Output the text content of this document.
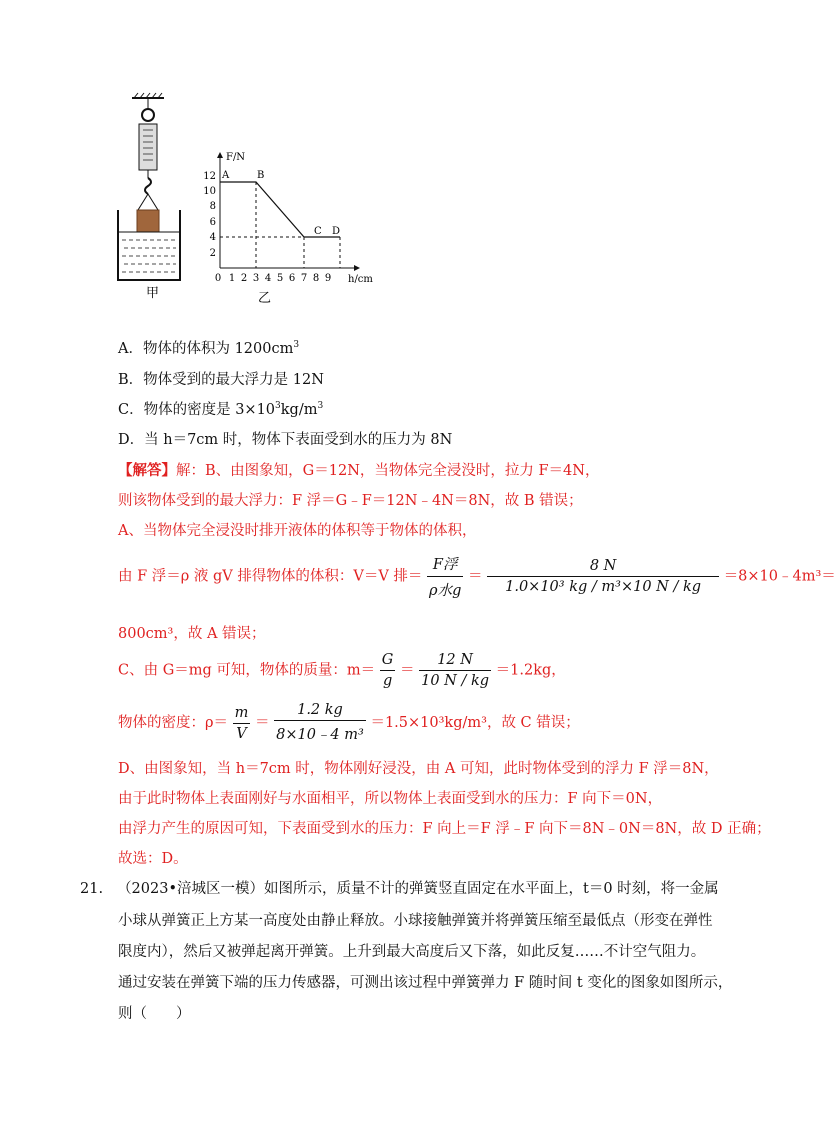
甲
F/N
h/cm
2
4
6
8
10
12
0 1 2 3 4 5 6 7 8 9
A	B
C D
乙
A．物体的体积为 $1200cm^3$
B．物体受到的最大浮力是 12N
C．物体的密度是 $3\times 10^3kg/m^3$
D．当 h＝7cm 时，物体下表面受到水的压力为 8N
【解答】解：B、由图象知，G＝12N，当物体完全浸没时，拉力 F＝4N，
则该物体受到的最大浮力：F 浮＝G﹣F＝12N﹣4N＝8N，故 B 错误；
A、当物体完全浸没时排开液体的体积等于物体的体积，
由 F 浮＝ρ 液 gV 排得物体的体积：V＝V 排＝ $\frac{\text{F浮}}{\text{ρ水g}} = \frac{8 N}{\text{1.0×10³ kg / m³×10 N / kg}}$ ＝8×10﹣4m³＝
800cm³，故 A 错误；
C、由 G＝mg 可知，物体的质量：$m= \frac{G}{g} = \frac{12 N}{10 N / kg} =1.2kg$，
物体的密度：$\rho= \frac{m}{V} = \frac{1.2 kg}{\text{8×10﹣4 m³}} =1.5\times 10^3kg/m^3$，故 C 错误；
D、由图象知，当 h＝7cm 时，物体刚好浸没，由 A 可知，此时物体受到的浮力 F 浮＝8N，
由于此时物体上表面刚好与水面相平，所以物体上表面受到水的压力：F 向下＝0N，
由浮力产生的原因可知，下表面受到水的压力：F 向上＝F 浮﹣F 向下＝8N﹣0N＝8N，故 D 正确；
故选：D。
21. （2023•涪城区一模）如图所示，质量不计的弹簧竖直固定在水平面上，t＝0 时刻，将一金属
小球从弹簧正上方某一高度处由静止释放。小球接触弹簧并将弹簧压缩至最低点（形变在弹性
限度内），然后又被弹起离开弹簧。上升到最大高度后又下落，如此反复……不计空气阻力。
通过安装在弹簧下端的压力传感器，可测出该过程中弹簧弹力 F 随时间 t 变化的图象如图所示，
则（　　）
